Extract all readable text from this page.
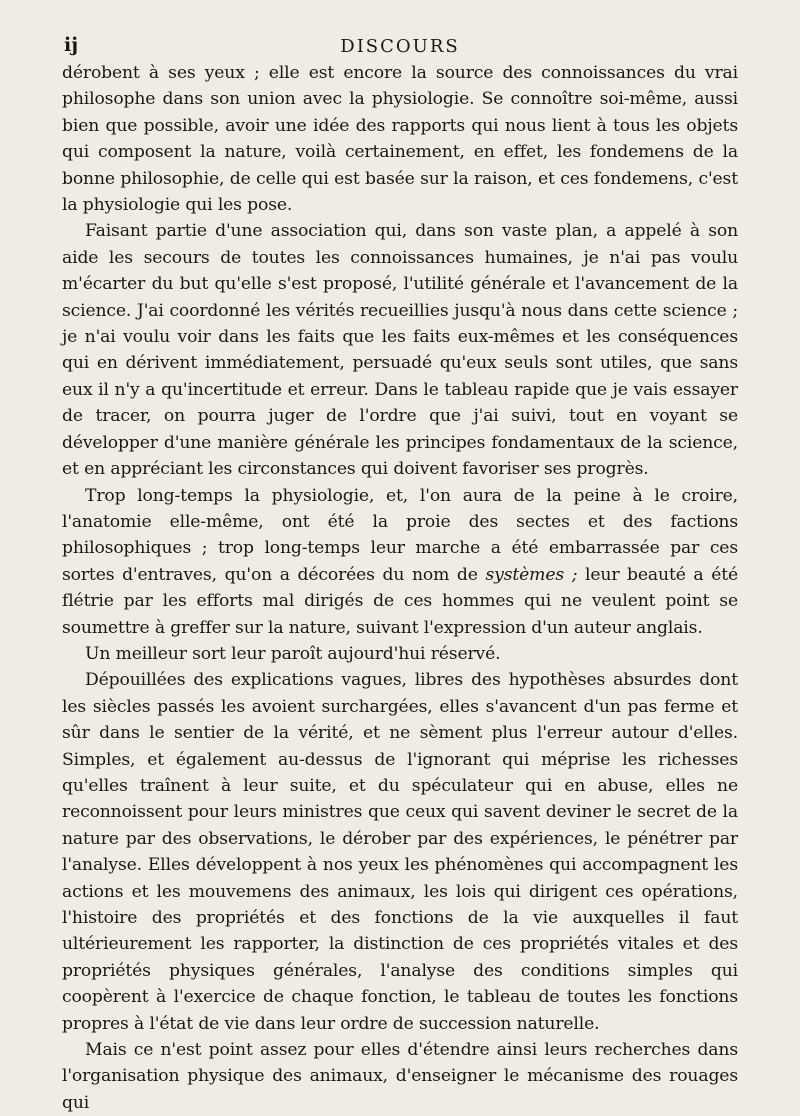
ij	DISCOURS

dérobent à ses yeux ; elle est encore la source des connoissances du vrai philosophe dans son union avec la physiologie. Se connoître soi-même, aussi bien que possible, avoir une idée des rapports qui nous lient à tous les objets qui composent la nature, voilà certainement, en effet, les fondemens de la bonne philosophie, de celle qui est basée sur la raison, et ces fondemens, c'est la physiologie qui les pose.

Faisant partie d'une association qui, dans son vaste plan, a appelé à son aide les secours de toutes les connoissances humaines, je n'ai pas voulu m'écarter du but qu'elle s'est proposé, l'utilité générale et l'avancement de la science. J'ai coordonné les vérités recueillies jusqu'à nous dans cette science ; je n'ai voulu voir dans les faits que les faits eux-mêmes et les conséquences qui en dérivent immédiatement, persuadé qu'eux seuls sont utiles, que sans eux il n'y a qu'incertitude et erreur. Dans le tableau rapide que je vais essayer de tracer, on pourra juger de l'ordre que j'ai suivi, tout en voyant se développer d'une manière générale les principes fondamentaux de la science, et en appréciant les circonstances qui doivent favoriser ses progrès.

Trop long-temps la physiologie, et, l'on aura de la peine à le croire, l'anatomie elle-même, ont été la proie des sectes et des factions philosophiques ; trop long-temps leur marche a été embarrassée par ces sortes d'entraves, qu'on a décorées du nom de systèmes ; leur beauté a été flétrie par les efforts mal dirigés de ces hommes qui ne veulent point se soumettre à greffer sur la nature, suivant l'expression d'un auteur anglais.

Un meilleur sort leur paroît aujourd'hui réservé.

Dépouillées des explications vagues, libres des hypothèses absurdes dont les siècles passés les avoient surchargées, elles s'avancent d'un pas ferme et sûr dans le sentier de la vérité, et ne sèment plus l'erreur autour d'elles. Simples, et également au-dessus de l'ignorant qui méprise les richesses qu'elles traînent à leur suite, et du spéculateur qui en abuse, elles ne reconnoissent pour leurs ministres que ceux qui savent deviner le secret de la nature par des observations, le dérober par des expériences, le pénétrer par l'analyse. Elles développent à nos yeux les phénomènes qui accompagnent les actions et les mouvemens des animaux, les lois qui dirigent ces opérations, l'histoire des propriétés et des fonctions de la vie auxquelles il faut ultérieurement les rapporter, la distinction de ces propriétés vitales et des propriétés physiques générales, l'analyse des conditions simples qui coopèrent à l'exercice de chaque fonction, le tableau de toutes les fonctions propres à l'état de vie dans leur ordre de succession naturelle.

Mais ce n'est point assez pour elles d'étendre ainsi leurs recherches dans l'organisation physique des animaux, d'enseigner le mécanisme des rouages qui
